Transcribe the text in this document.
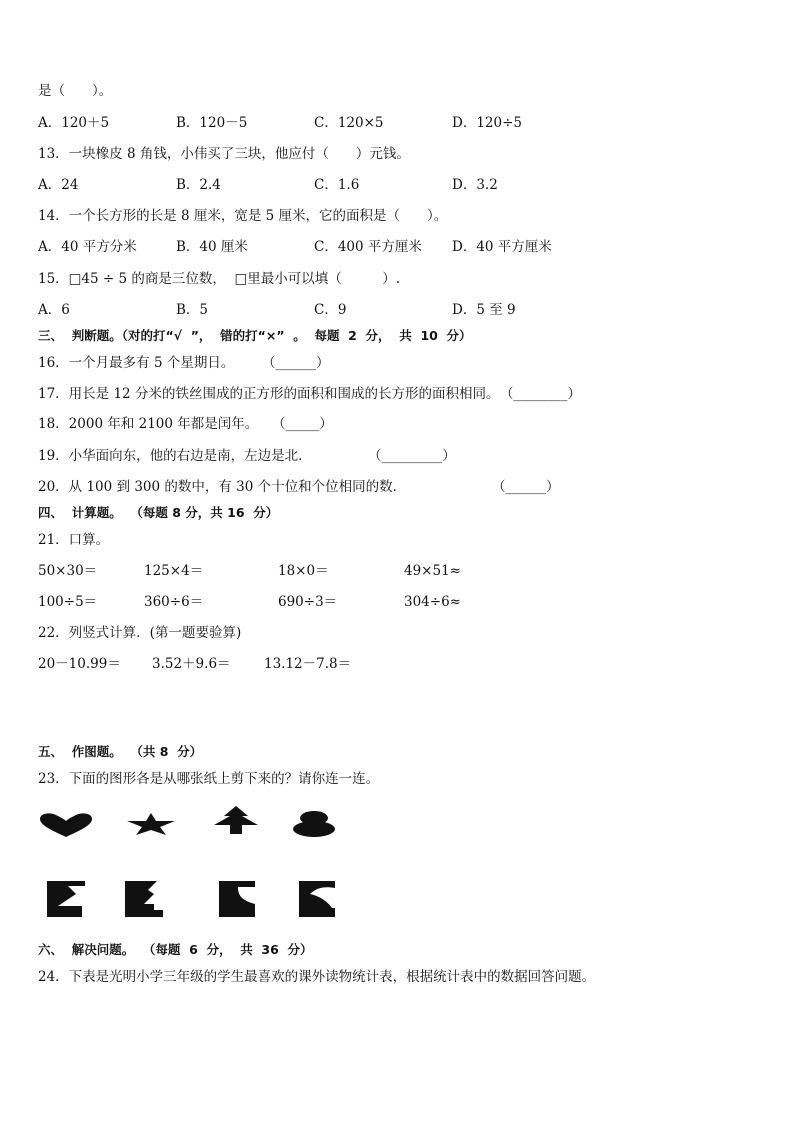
是（　　）。
A．120＋5	B．120－5	C．120×5	D．120÷5
13．一块橡皮 8 角钱，小伟买了三块，他应付（　　）元钱。
A．24	B．2.4	C．1.6	D．3.2
14．一个长方形的长是 8 厘米，宽是 5 厘米，它的面积是（　　）。
A．40 平方分米	B．40 厘米	C．400 平方厘米 D．40 平方厘米
15．□45 ÷ 5 的商是三位数，  □里最小可以填（　　　）.
A．6	B．5	C．9	D．5 至 9
三、  判断题。（对的打“√  ”，  错的打“×”  。  每题  2  分，  共  10  分）
16．一个月最多有 5 个星期日。 （______）
17．用长是 12 分米的铁丝围成的正方形的面积和围成的长方形的面积相同。 （________）
18．2000 年和 2100 年都是闰年。 （_____）
19．小华面向东，他的右边是南，左边是北．	（_________）
20．从 100 到 300 的数中，有 30 个十位和个位相同的数．	（______）
四、  计算题。  （每题 8 分，共 16  分）
21．口算。
50×30＝	125×4＝	18×0＝	49×51≈
100÷5＝	360÷6＝	690÷3＝	304÷6≈
22．列竖式计算．(第一题要验算)
20－10.99＝ 3.52＋9.6＝ 13.12－7.8＝
五、  作图题。  （共 8  分）
23．下面的图形各是从哪张纸上剪下来的？请你连一连。
六、  解决问题。  （每题  6  分，  共  36  分）
24．下表是光明小学三年级的学生最喜欢的课外读物统计表，根据统计表中的数据回答问题。
